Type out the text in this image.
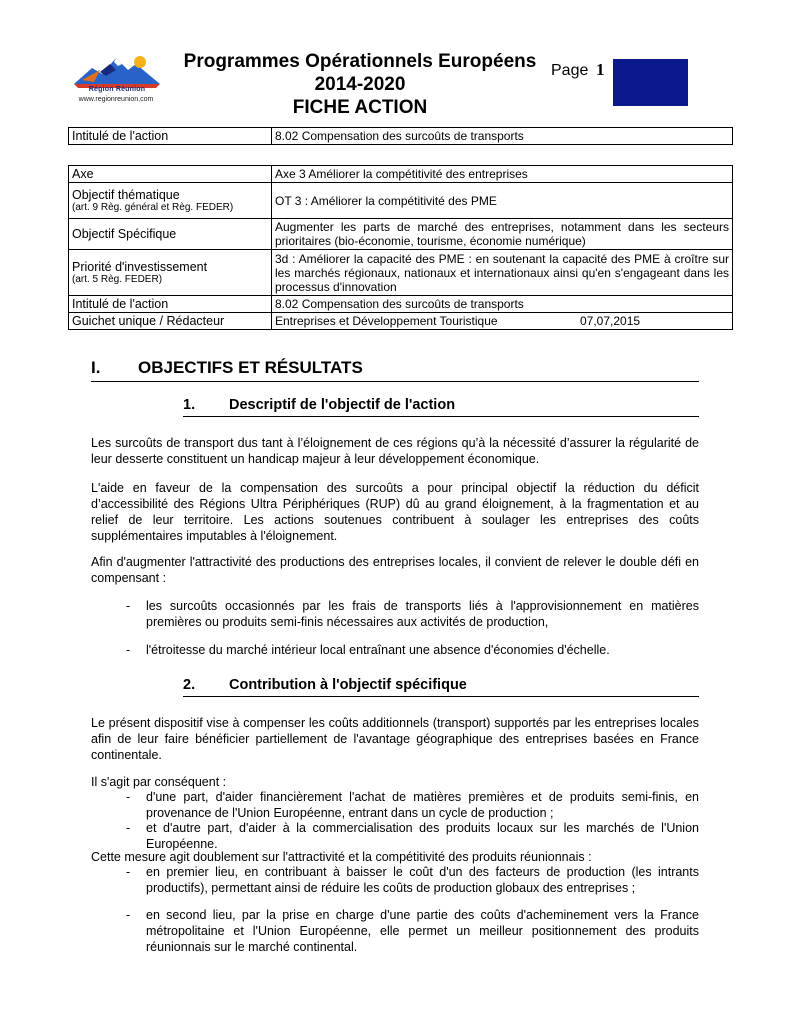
Région Réunion
www.regionreunion.com
Programmes Opérationnels Européens
2014-2020
FICHE ACTION
Page 1
Intitulé de l'action	8.02 Compensation des surcoûts de transports
Axe	Axe 3 Améliorer la compétitivité des entreprises

Objectif thématique
(art. 9 Règ. général et Règ. FEDER)	OT 3 : Améliorer la compétitivité des PME
Objectif Spécifique	Augmenter les parts de marché des entreprises, notamment dans les secteurs prioritaires (bio-économie, tourisme, économie numérique)

Priorité d'investissement
(art. 5 Règ. FEDER)	3d : Améliorer la capacité des PME : en soutenant la capacité des PME à croître sur les marchés régionaux, nationaux et internationaux ainsi qu'en s'engageant dans les processus d'innovation
Intitulé de l'action	8.02 Compensation des surcoûts de transports
Guichet unique / Rédacteur	Entreprises et Développement Touristique 07,07,2015
I. OBJECTIFS ET RÉSULTATS
1. Descriptif de l'objectif de l'action
Les surcoûts de transport dus tant à l’éloignement de ces régions qu’à la nécessité d’assurer la régularité de leur desserte constituent un handicap majeur à leur développement économique.
L'aide en faveur de la compensation des surcoûts a pour principal objectif la réduction du déficit d’accessibilité des Régions Ultra Périphériques (RUP) dû au grand éloignement, à la fragmentation et au relief de leur territoire. Les actions soutenues contribuent à soulager les entreprises des coûts supplémentaires imputables à l'éloignement.
Afin d'augmenter l'attractivité des productions des entreprises locales, il convient de relever le double défi en compensant :
- les surcoûts occasionnés par les frais de transports liés à l'approvisionnement en matières premières ou produits semi-finis nécessaires aux activités de production,
- l'étroitesse du marché intérieur local entraînant une absence d'économies d'échelle.
2. Contribution à l'objectif spécifique
Le présent dispositif vise à compenser les coûts additionnels (transport) supportés par les entreprises locales afin de leur faire bénéficier partiellement de l'avantage géographique des entreprises basées en France continentale.
Il s'agit par conséquent :
- d'une part, d'aider financièrement l'achat de matières premières et de produits semi-finis, en provenance de l'Union Européenne, entrant dans un cycle de production ;
- et d'autre part, d'aider à la commercialisation des produits locaux sur les marchés de l'Union Européenne.
Cette mesure agit doublement sur l'attractivité et la compétitivité des produits réunionnais :
- en premier lieu, en contribuant à baisser le coût d'un des facteurs de production (les intrants productifs), permettant ainsi de réduire les coûts de production globaux des entreprises ;
- en second lieu, par la prise en charge d'une partie des coûts d'acheminement vers la France métropolitaine et l'Union Européenne, elle permet un meilleur positionnement des produits réunionnais sur le marché continental.
